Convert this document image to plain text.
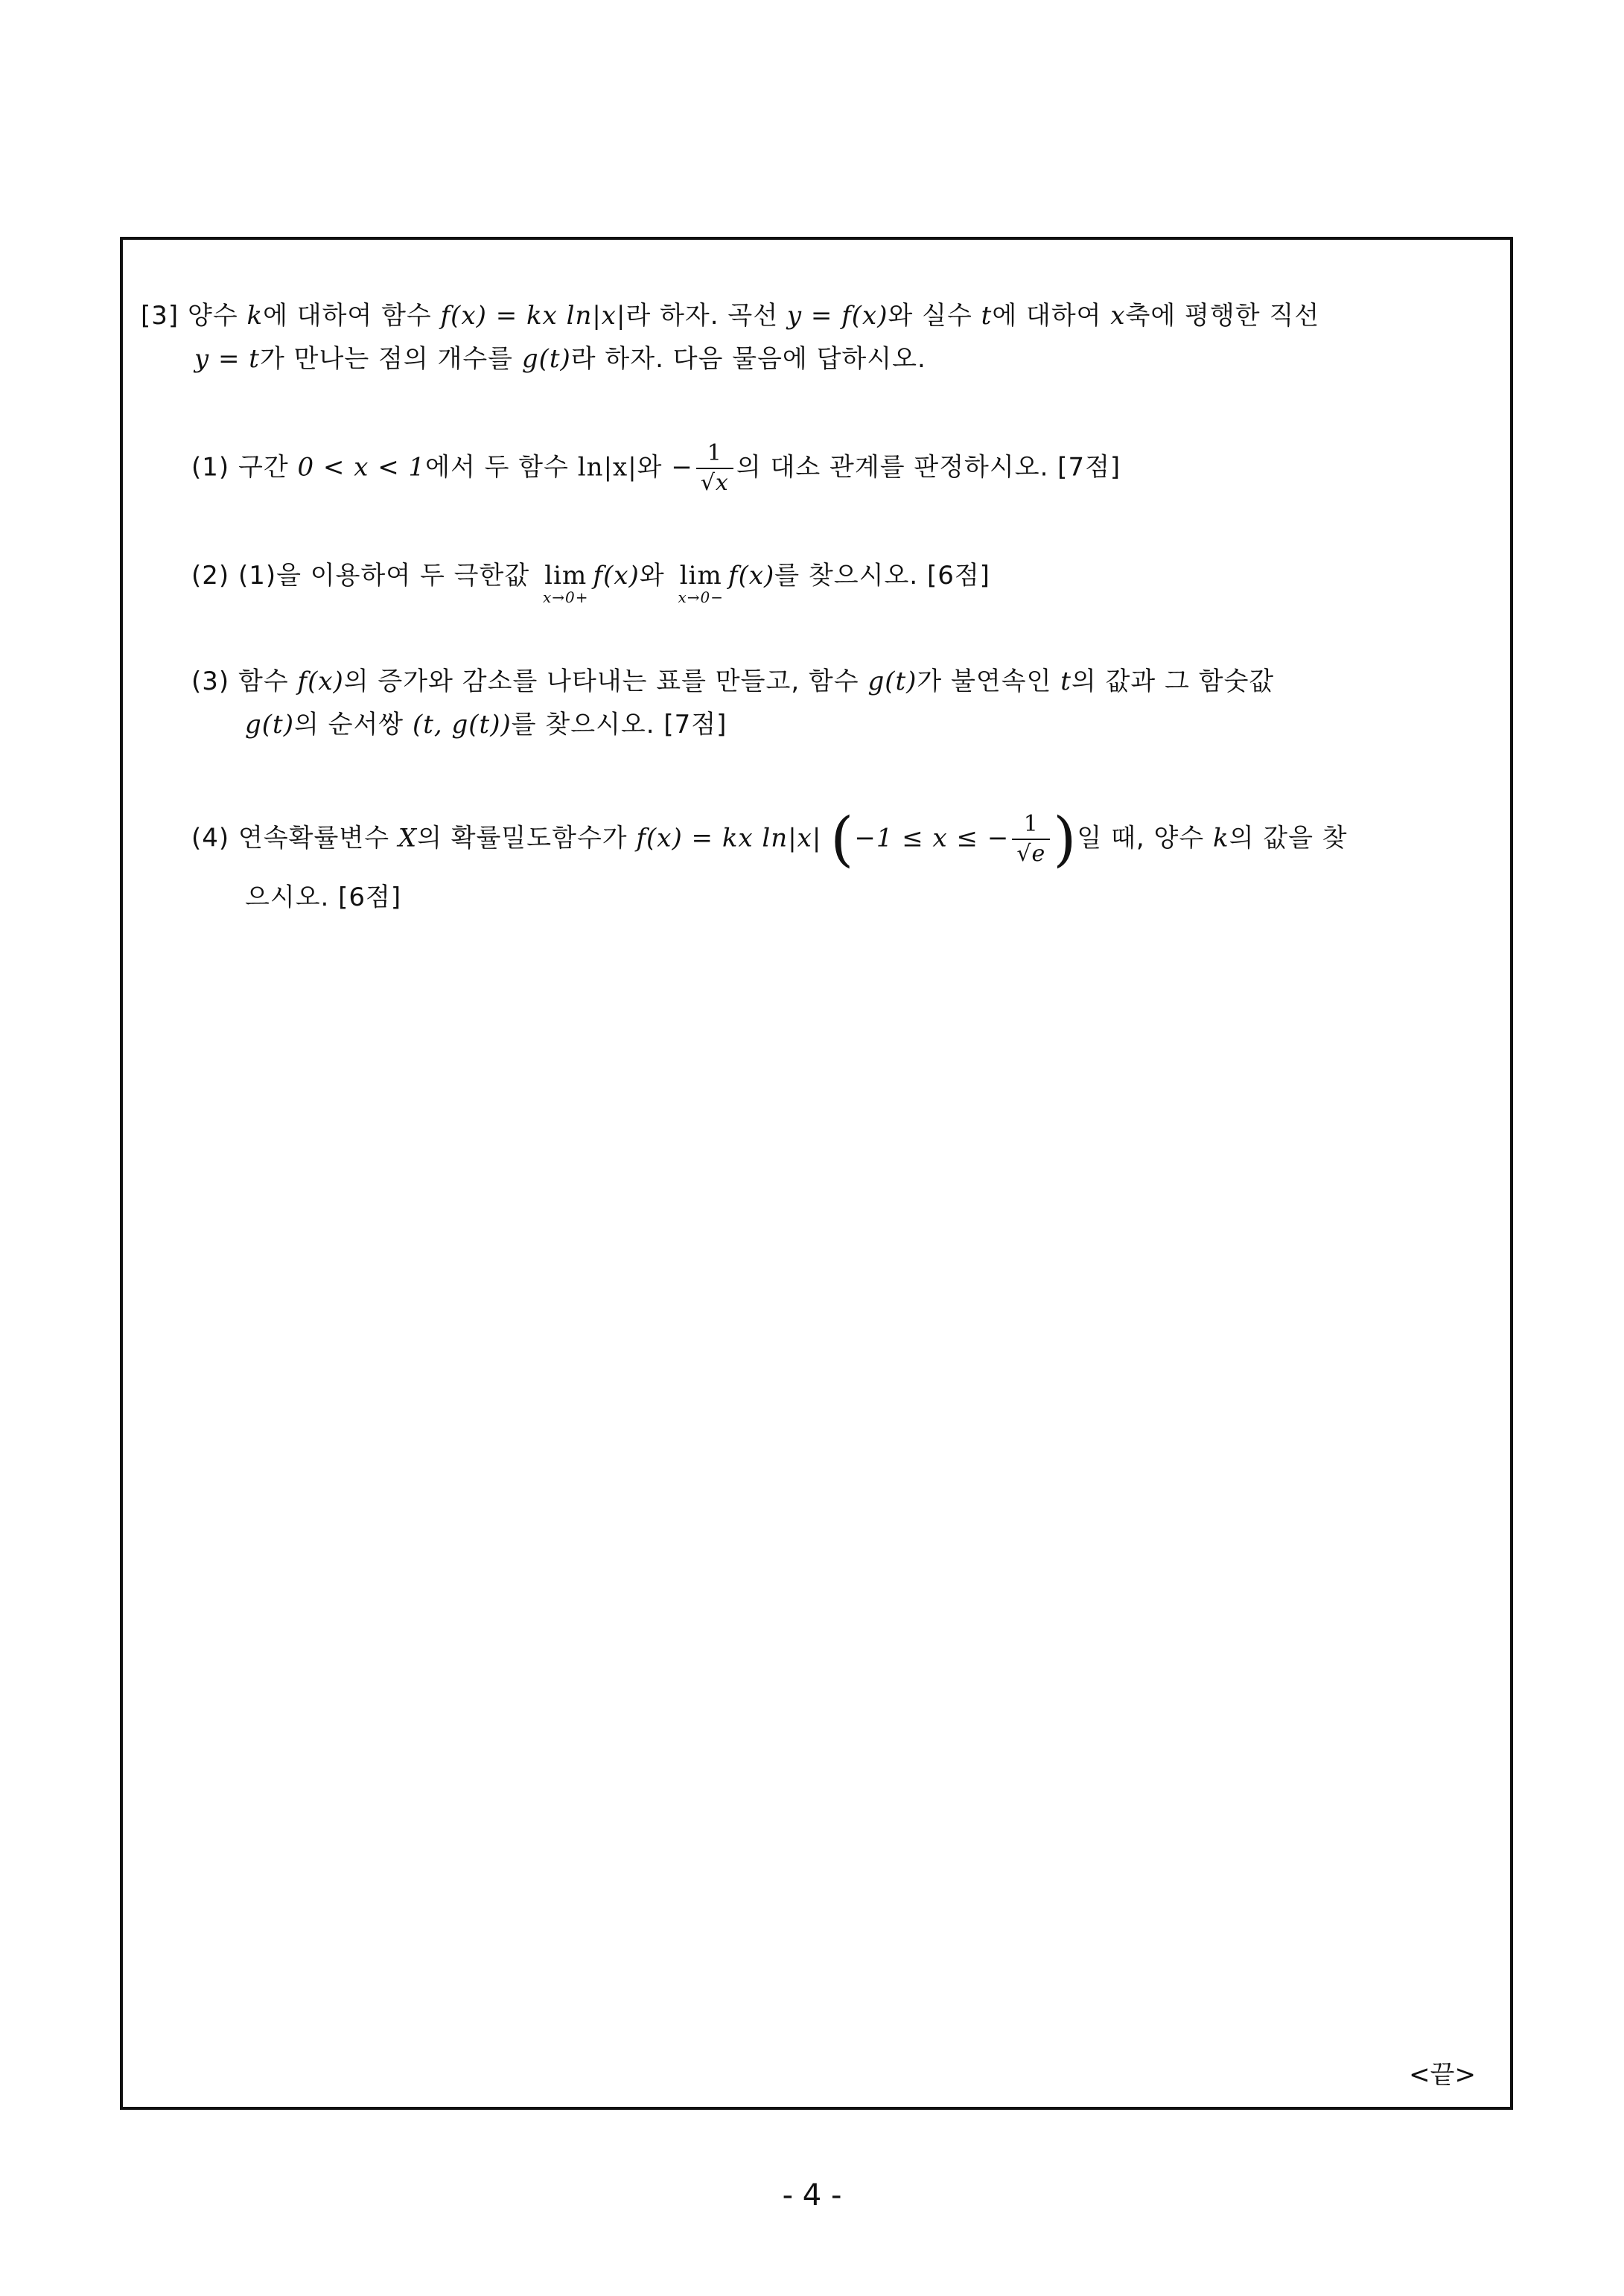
[3] 양수 k에 대하여 함수 f(x) = kx ln|x|라 하자. 곡선 y = f(x)와 실수 t에 대하여 x축에 평행한 직선
y = t가 만나는 점의 개수를 g(t)라 하자. 다음 물음에 답하시오.
(1) 구간 0 < x < 1에서 두 함수 ln|x|와 − $\frac{1}{√x}$ 의 대소 관계를 판정하시오. [7점]
(2) (1)을 이용하여 두 극한값 lim
x→0+
f(x)와 lim
x→0−
f(x)를 찾으시오. [6점]
(3) 함수 f(x)의 증가와 감소를 나타내는 표를 만들고, 함수 g(t)가 불연속인 t의 값과 그 함숫값
g(t)의 순서쌍 (t, g(t))를 찾으시오. [7점]
(4) 연속확률변수 X의 확률밀도함수가 f(x) = kx ln|x| (−1 ≤ x ≤ − $\frac{1}{√e}$ )일 때, 양수 k의 값을 찾
으시오. [6점]
<끝>
- 4 -
